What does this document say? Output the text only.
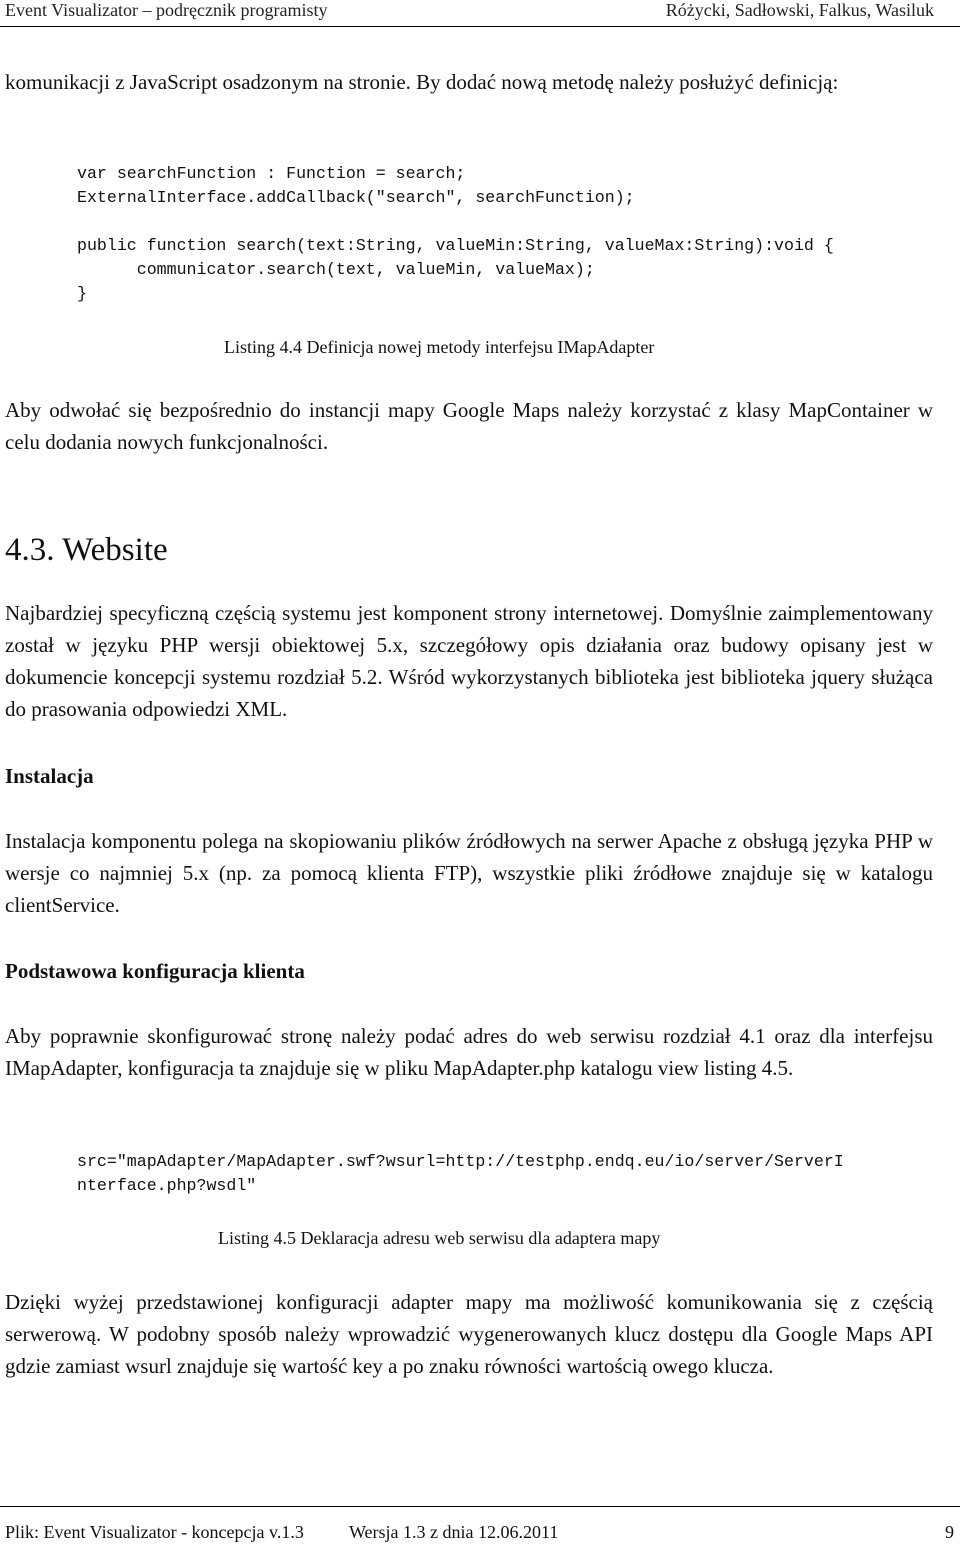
Event Visualizator – podręcznik programisty	Różycki, Sadłowski, Falkus, Wasiluk
komunikacji z JavaScript osadzonym na stronie. By dodać nową metodę należy posłużyć definicją:
var searchFunction : Function = search;
ExternalInterface.addCallback("search", searchFunction);

public function search(text:String, valueMin:String, valueMax:String):void {
communicator.search(text, valueMin, valueMax);
}
Listing 4.4 Definicja nowej metody interfejsu IMapAdapter
Aby odwołać się bezpośrednio do instancji mapy Google Maps należy korzystać z klasy MapContainer w celu dodania nowych funkcjonalności.
4.3. Website
Najbardziej specyficzną częścią systemu jest komponent strony internetowej. Domyślnie zaimplementowany został w języku PHP wersji obiektowej 5.x, szczegółowy opis działania oraz budowy opisany jest w dokumencie koncepcji systemu rozdział 5.2. Wśród wykorzystanych biblioteka jest biblioteka jquery służąca do prasowania odpowiedzi XML.
Instalacja
Instalacja komponentu polega na skopiowaniu plików źródłowych na serwer Apache z obsługą języka PHP w wersje co najmniej 5.x (np. za pomocą klienta FTP), wszystkie pliki źródłowe znajduje się w katalogu clientService.
Podstawowa konfiguracja klienta
Aby poprawnie skonfigurować stronę należy podać adres do web serwisu rozdział 4.1 oraz dla interfejsu IMapAdapter, konfiguracja ta znajduje się w pliku MapAdapter.php katalogu view listing 4.5.
src="mapAdapter/MapAdapter.swf?wsurl=http://testphp.endq.eu/io/server/ServerI
nterface.php?wsdl"
Listing 4.5 Deklaracja adresu web serwisu dla adaptera mapy
Dzięki wyżej przedstawionej konfiguracji adapter mapy ma możliwość komunikowania się z częścią serwerową. W podobny sposób należy wprowadzić wygenerowanych klucz dostępu dla Google Maps API gdzie zamiast wsurl znajduje się wartość key a po znaku równości wartością owego klucza.
Plik: Event Visualizator - koncepcja v.1.3	Wersja 1.3 z dnia 12.06.2011	9
